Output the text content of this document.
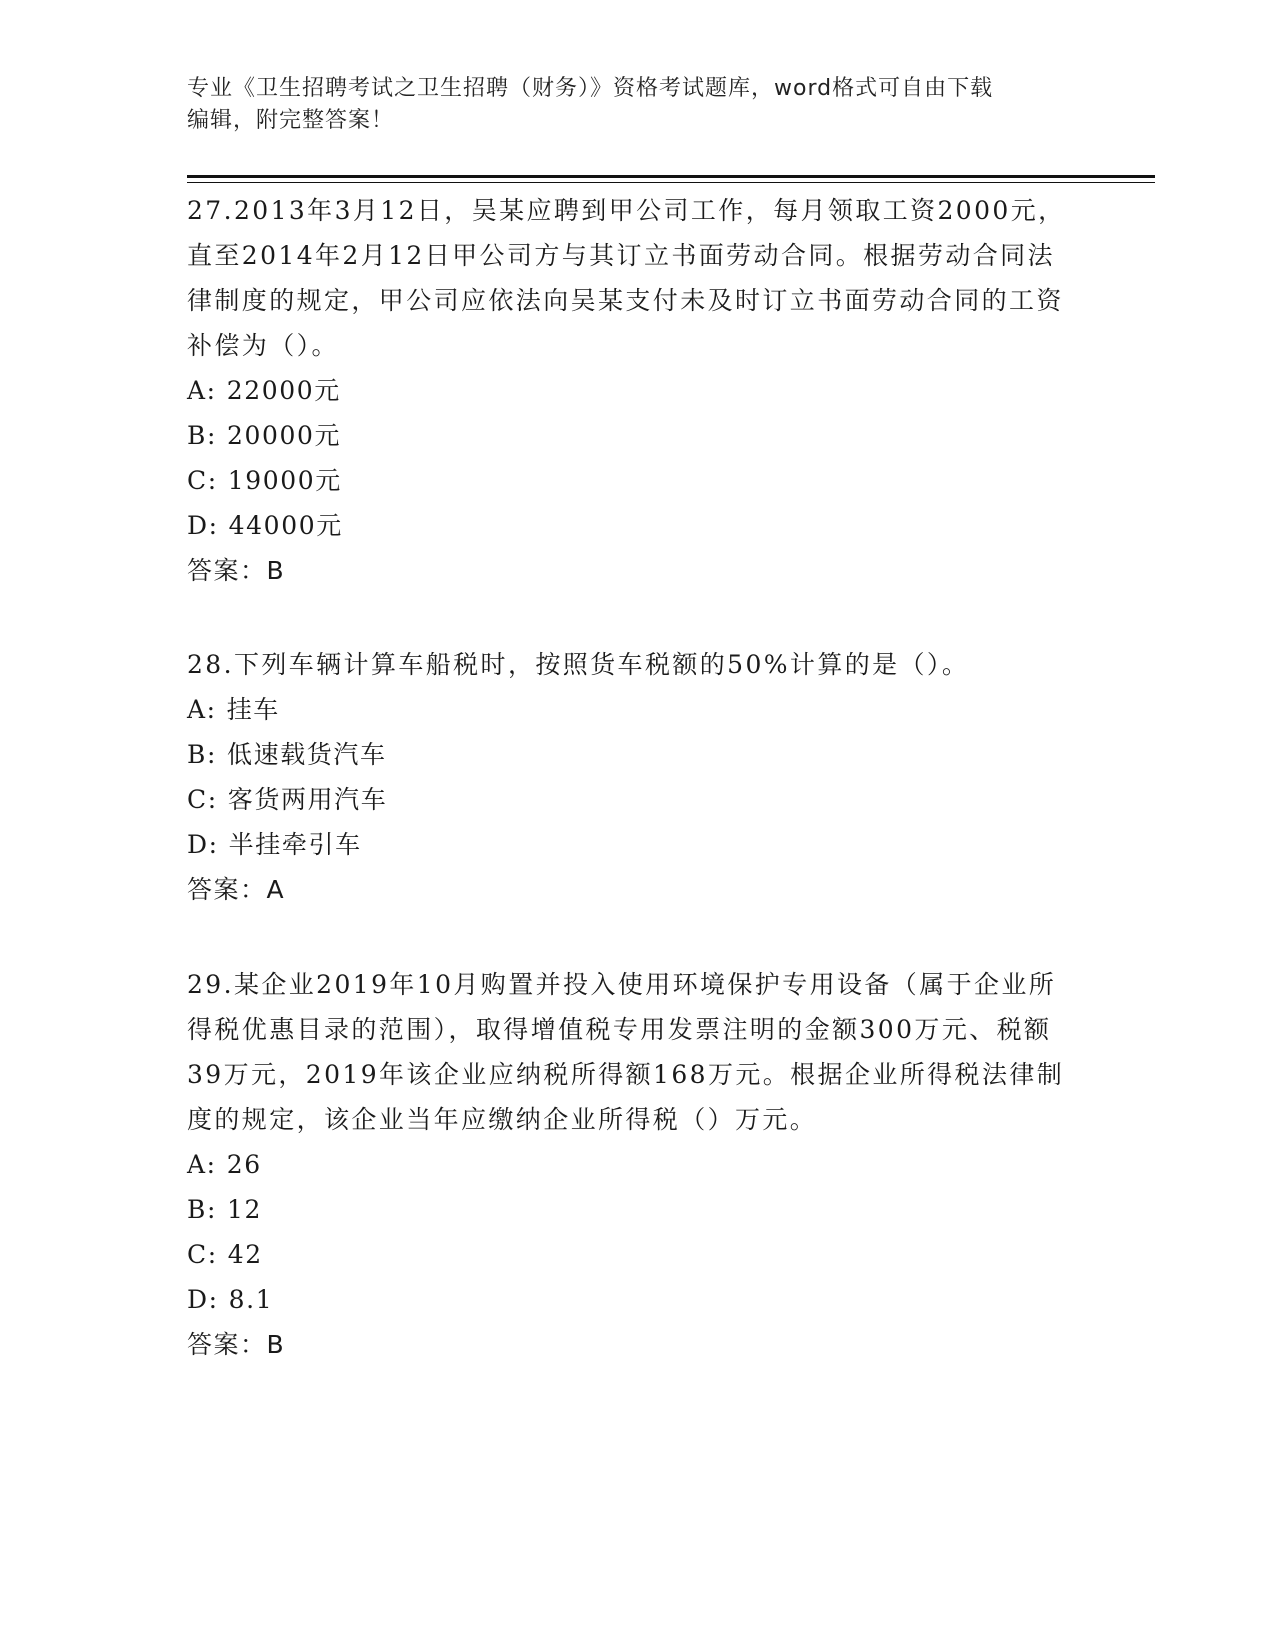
专业《卫生招聘考试之卫生招聘（财务）》资格考试题库，word格式可自由下载
编辑，附完整答案！

27.2013年3月12日，吴某应聘到甲公司工作，每月领取工资2000元，直至2014年2月12日甲公司方与其订立书面劳动合同。根据劳动合同法律制度的规定，甲公司应依法向吴某支付未及时订立书面劳动合同的工资补偿为（）。

A: 22000元

B: 20000元

C: 19000元

D: 44000元

答案：B

28.下列车辆计算车船税时，按照货车税额的50%计算的是（）。

A: 挂车

B: 低速载货汽车

C: 客货两用汽车

D: 半挂牵引车

答案：A

29.某企业2019年10月购置并投入使用环境保护专用设备（属于企业所得税优惠目录的范围），取得增值税专用发票注明的金额300万元、税额39万元，2019年该企业应纳税所得额168万元。根据企业所得税法律制度的规定，该企业当年应缴纳企业所得税（）万元。

A: 26

B: 12

C: 42

D: 8.1

答案：B
